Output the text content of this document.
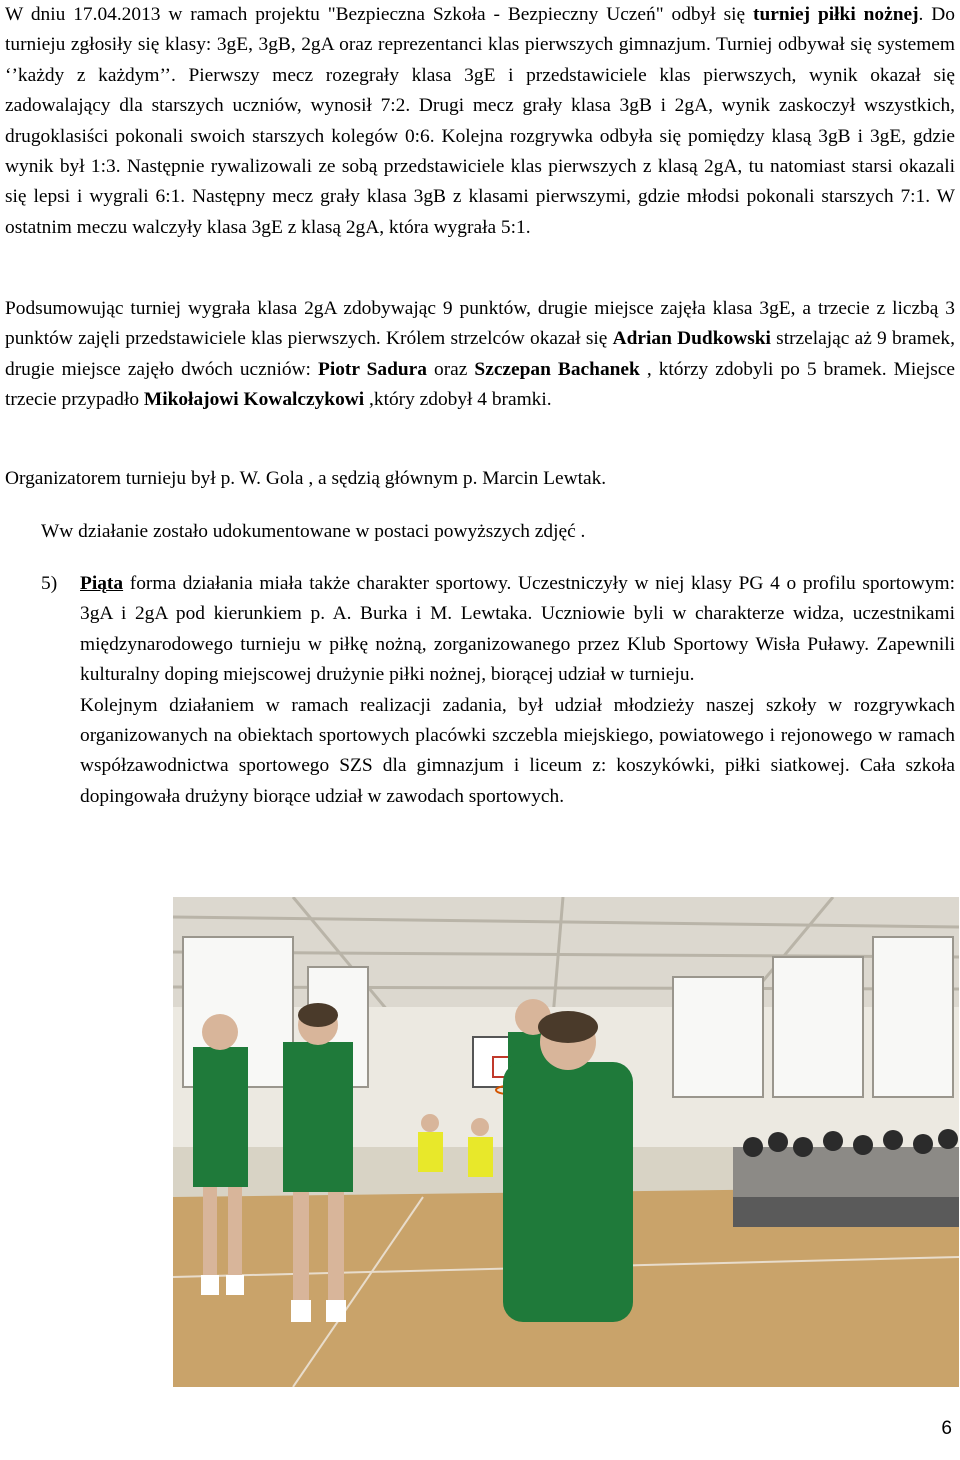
W dniu 17.04.2013 w ramach projektu "Bezpieczna Szkoła - Bezpieczny Uczeń" odbył się turniej piłki nożnej. Do turnieju zgłosiły się klasy: 3gE, 3gB, 2gA oraz reprezentanci klas pierwszych gimnazjum. Turniej odbywał się systemem ‘’każdy z każdym’’. Pierwszy mecz rozegrały klasa 3gE i przedstawiciele klas pierwszych, wynik okazał się zadowalający dla starszych uczniów, wynosił 7:2. Drugi mecz grały klasa 3gB i 2gA, wynik zaskoczył wszystkich, drugoklasiści pokonali swoich starszych kolegów 0:6. Kolejna rozgrywka odbyła się pomiędzy klasą 3gB i 3gE, gdzie wynik był 1:3. Następnie rywalizowali ze sobą przedstawiciele klas pierwszych z klasą 2gA, tu natomiast starsi okazali się lepsi i wygrali 6:1. Następny mecz grały klasa 3gB z klasami pierwszymi, gdzie młodsi pokonali starszych 7:1. W ostatnim meczu walczyły klasa 3gE z klasą 2gA, która wygrała 5:1.

Podsumowując turniej wygrała klasa 2gA zdobywając 9 punktów, drugie miejsce zajęła klasa 3gE, a trzecie z liczbą 3 punktów zajęli przedstawiciele klas pierwszych. Królem strzelców okazał się Adrian Dudkowski strzelając aż 9 bramek, drugie miejsce zajęło dwóch uczniów: Piotr Sadura oraz Szczepan Bachanek , którzy zdobyli po 5 bramek. Miejsce trzecie przypadło Mikołajowi Kowalczykowi ,który zdobył 4 bramki.

Organizatorem turnieju był p. W. Gola , a sędzią głównym p. Marcin Lewtak.

Ww działanie zostało udokumentowane w postaci powyższych zdjęć .

5) Piąta forma działania miała także charakter sportowy. Uczestniczyły w niej klasy PG 4 o profilu sportowym: 3gA i 2gA pod kierunkiem p. A. Burka i M. Lewtaka. Uczniowie byli w charakterze widza, uczestnikami międzynarodowego turnieju w piłkę nożną, zorganizowanego przez Klub Sportowy Wisła Puławy. Zapewnili kulturalny doping miejscowej drużynie piłki nożnej, biorącej udział w turnieju.

Kolejnym działaniem w ramach realizacji zadania, był udział młodzieży naszej szkoły w rozgrywkach organizowanych na obiektach sportowych placówki szczebla miejskiego, powiatowego i rejonowego w ramach współzawodnictwa sportowego SZS dla gimnazjum i liceum z: koszykówki, piłki siatkowej. Cała szkoła dopingowała drużyny biorące udział w zawodach sportowych.

6
